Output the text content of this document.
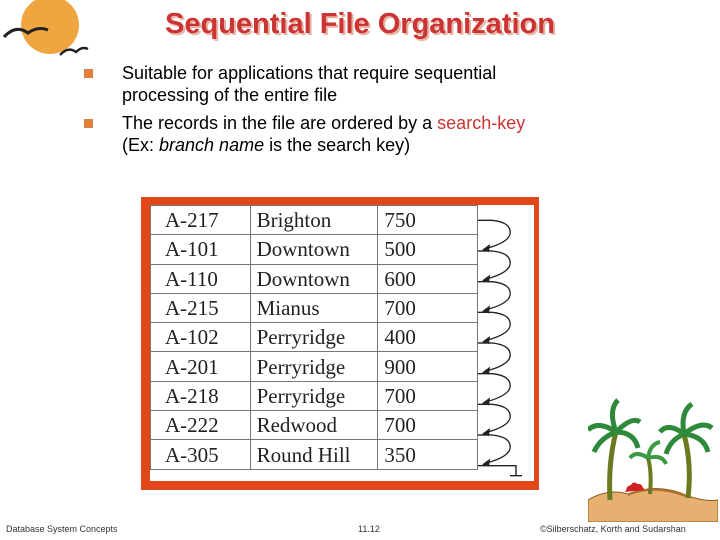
Sequential File Organization
Suitable for applications that require sequential
processing of the entire file
The records in the file are ordered by a search-key
(Ex: branch name is the search key)
A-217	Brighton	750
A-101	Downtown	500
A-110	Downtown	600
A-215	Mianus	700
A-102	Perryridge	400
A-201	Perryridge	900
A-218	Perryridge	700
A-222	Redwood	700
A-305	Round Hill	350
Database System Concepts	11.12	©Silberschatz, Korth and Sudarshan
